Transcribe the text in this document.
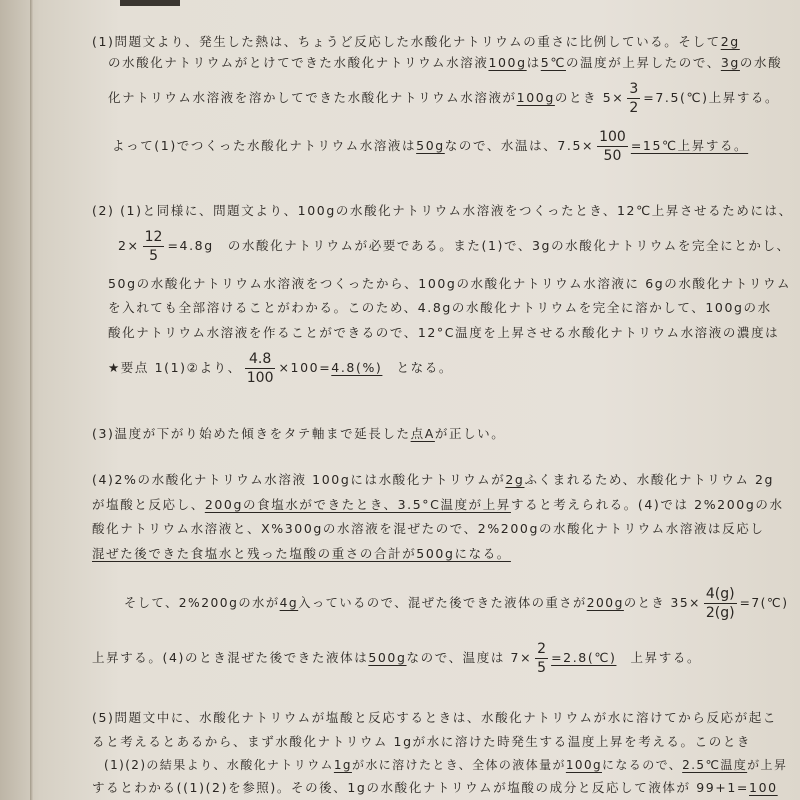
(1)問題文より、発生した熱は、ちょうど反応した水酸化ナトリウムの重さに比例している。そして2g
の水酸化ナトリウムがとけてできた水酸化ナトリウム水溶液100gは5℃の温度が上昇したので、3gの水酸
化ナトリウム水溶液を溶かしてできた水酸化ナトリウム水溶液が100gのとき $5\times \frac{3}{2}$ =7.5(℃)上昇する。
よって(1)でつくった水酸化ナトリウム水溶液は50gなので、水温は、$7.5\times \frac{100}{50}$ =15℃上昇する。
(2) (1)と同様に、問題文より、100gの水酸化ナトリウム水溶液をつくったとき、12℃上昇させるためには、
$2\times \frac{12}{5} =4.8g$　の水酸化ナトリウムが必要である。また(1)で、3gの水酸化ナトリウムを完全にとかし、
50gの水酸化ナトリウム水溶液をつくったから、100gの水酸化ナトリウム水溶液に 6gの水酸化ナトリウム
を入れても全部溶けることがわかる。このため、4.8gの水酸化ナトリウムを完全に溶かして、100gの水
酸化ナトリウム水溶液を作ることができるので、12°C温度を上昇させる水酸化ナトリウム水溶液の濃度は
★要点 1(1)②より、 $\frac{4.8}{100} \times 100=4.8(\%)$　となる。
(3)温度が下がり始めた傾きをタテ軸まで延長した点Aが正しい。
(4)2%の水酸化ナトリウム水溶液 100gには水酸化ナトリウムが2gふくまれるため、水酸化ナトリウム 2g
が塩酸と反応し、200gの食塩水ができたとき、3.5°C温度が上昇すると考えられる。(4)では 2%200gの水
酸化ナトリウム水溶液と、X%300gの水溶液を混ぜたので、2%200gの水酸化ナトリウム水溶液は反応し
混ぜた後できた食塩水と残った塩酸の重さの合計が500gになる。
そして、2%200gの水が4g入っているので、混ぜた後できた液体の重さが200gのとき $35\times \frac{4(g)}{2(g)}$ =7(℃)
上昇する。(4)のとき混ぜた後できた液体は500gなので、温度は $7\times \frac{2}{5}$ =2.8(℃)　上昇する。
(5)問題文中に、水酸化ナトリウムが塩酸と反応するときは、水酸化ナトリウムが水に溶けてから反応が起こ
ると考えるとあるから、まず水酸化ナトリウム 1gが水に溶けた時発生する温度上昇を考える。このとき
(1)(2)の結果より、水酸化ナトリウム1gが水に溶けたとき、全体の液体量が100gになるので、2.5℃温度が上昇
するとわかる((1)(2)を参照)。その後、1gの水酸化ナトリウムが塩酸の成分と反応して液体が 99+1=100
